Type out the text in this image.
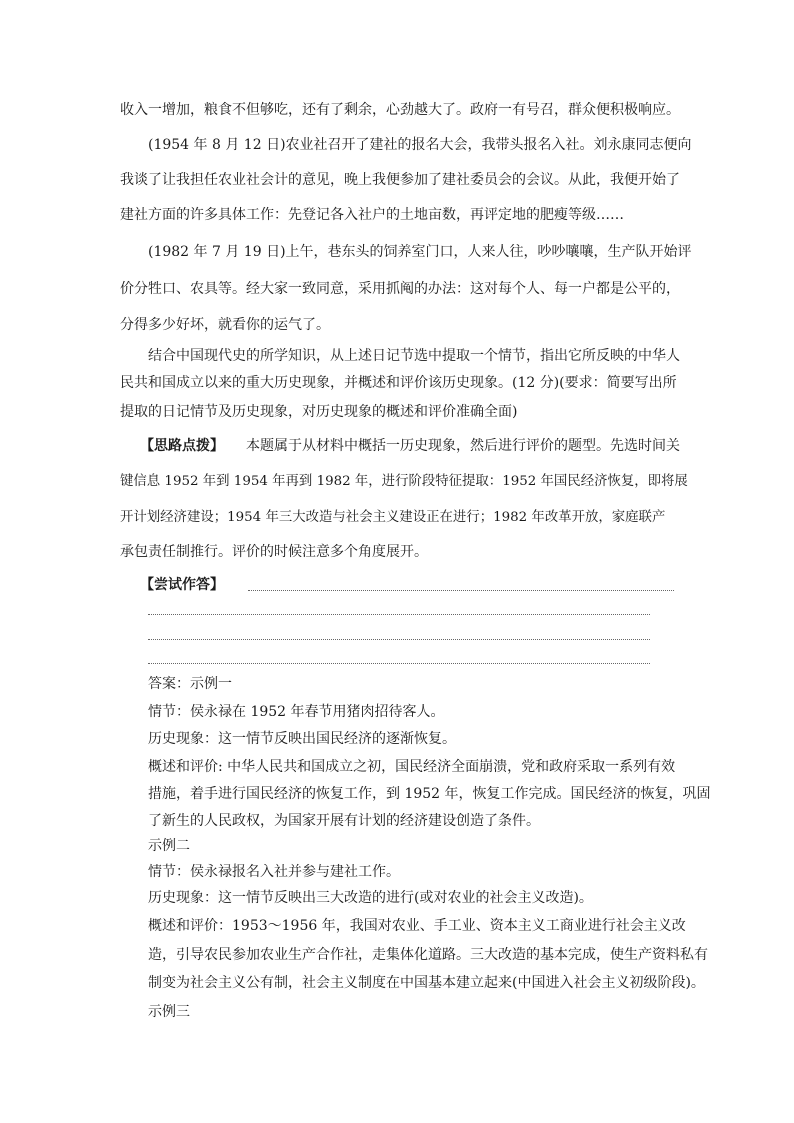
收入一增加，粮食不但够吃，还有了剩余，心劲越大了。政府一有号召，群众便积极响应。
(1954 年 8 月 12 日)农业社召开了建社的报名大会，我带头报名入社。刘永康同志便向
我谈了让我担任农业社会计的意见，晚上我便参加了建社委员会的会议。从此，我便开始了
建社方面的许多具体工作：先登记各入社户的土地亩数，再评定地的肥瘦等级……
(1982 年 7 月 19 日)上午，巷东头的饲养室门口，人来人往，吵吵嚷嚷，生产队开始评
价分牲口、农具等。经大家一致同意，采用抓阄的办法：这对每个人、每一户都是公平的，
分得多少好坏，就看你的运气了。
结合中国现代史的所学知识，从上述日记节选中提取一个情节，指出它所反映的中华人
民共和国成立以来的重大历史现象，并概述和评价该历史现象。(12 分)(要求：简要写出所
提取的日记情节及历史现象，对历史现象的概述和评价准确全面)
【思路点拨】 本题属于从材料中概括一历史现象，然后进行评价的题型。先选时间关
键信息 1952 年到 1954 年再到 1982 年，进行阶段特征提取：1952 年国民经济恢复，即将展
开计划经济建设；1954 年三大改造与社会主义建设正在进行；1982 年改革开放，家庭联产
承包责任制推行。评价的时候注意多个角度展开。
【尝试作答】
答案：示例一
情节：侯永禄在 1952 年春节用猪肉招待客人。
历史现象：这一情节反映出国民经济的逐渐恢复。
概述和评价: 中华人民共和国成立之初，国民经济全面崩溃，党和政府采取一系列有效
措施，着手进行国民经济的恢复工作，到 1952 年，恢复工作完成。国民经济的恢复，巩固
了新生的人民政权，为国家开展有计划的经济建设创造了条件。
示例二
情节：侯永禄报名入社并参与建社工作。
历史现象：这一情节反映出三大改造的进行(或对农业的社会主义改造)。
概述和评价：1953～1956 年，我国对农业、手工业、资本主义工商业进行社会主义改
造，引导农民参加农业生产合作社，走集体化道路。三大改造的基本完成，使生产资料私有
制变为社会主义公有制，社会主义制度在中国基本建立起来(中国进入社会主义初级阶段)。
示例三
